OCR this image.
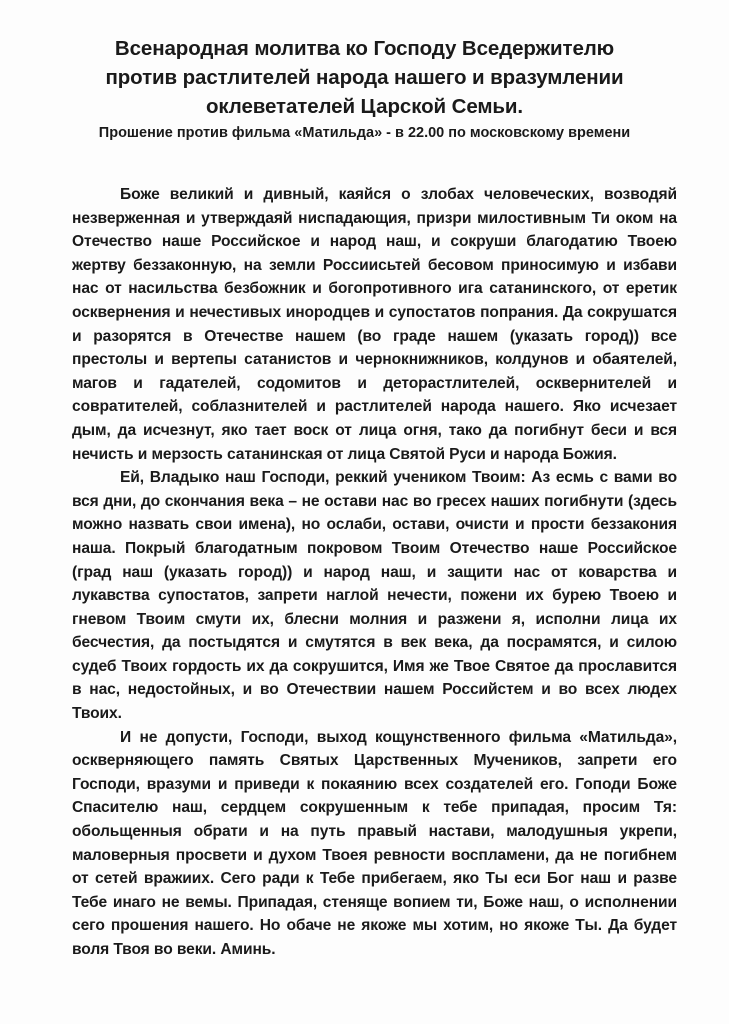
Всенародная молитва ко Господу Вседержителю
против растлителей народа нашего и вразумлении
оклеветателей Царской Семьи.
Прошение против фильма «Матильда» - в 22.00 по московскому времени

Боже великий и дивный, каяйся о злобах человеческих, возводяй незверженная и утверждаяй ниспадающия, призри милостивным Ти оком на Отечество наше Российское и народ наш, и сокруши благодатию Твоею жертву беззаконную, на земли Россиисьтей бесовом приносимую и избави нас от насильства безбожник и богопротивного ига сатанинского, от еретик осквернения и нечестивых инородцев и супостатов попрания. Да сокрушатся и разорятся в Отечестве нашем (во граде нашем (указать город)) все престолы и вертепы сатанистов и чернокнижников, колдунов и обаятелей, магов и гадателей, содомитов и деторастлителей, осквернителей и совратителей, соблазнителей и растлителей народа нашего. Яко исчезает дым, да исчезнут, яко тает воск от лица огня, тако да погибнут беси и вся нечисть и мерзость сатанинская от лица Святой Руси и народа Божия.

Ей, Владыко наш Господи, реккий учеником Твоим: Аз есмь с вами во вся дни, до скончания века – не остави нас во гресех наших погибнути (здесь можно назвать свои имена), но ослаби, остави, очисти и прости беззакония наша. Покрый благодатным покровом Твоим Отечество наше Российское (град наш (указать город)) и народ наш, и защити нас от коварства и лукавства супостатов, запрети наглой нечести, пожени их бурею Твоею и гневом Твоим смути их, блесни молния и разжени я, исполни лица их бесчестия, да постыдятся и смутятся в век века, да посрамятся, и силою судеб Твоих гордость их да сокрушится, Имя же Твое Святое да прославится в нас, недостойных, и во Отечествии нашем Российстем и во всех людех Твоих.

И не допусти, Господи, выход кощунственного фильма «Матильда», оскверняющего память Святых Царственных Мучеников, запрети его Господи, вразуми и приведи к покаянию всех создателей его. Гоподи Боже Спасителю наш, сердцем сокрушенным к тебе припадая, просим Тя: обольщенныя обрати и на путь правый настави, малодушныя укрепи, маловерныя просвети и духом Твоея ревности воспламени, да не погибнем от сетей вражиих. Сего ради к Тебе прибегаем, яко Ты еси Бог наш и разве Тебе инаго не вемы. Припадая, стеняще вопием ти, Боже наш, о исполнении сего прошения нашего. Но обаче не якоже мы хотим, но якоже Ты. Да будет воля Твоя во веки. Аминь.
